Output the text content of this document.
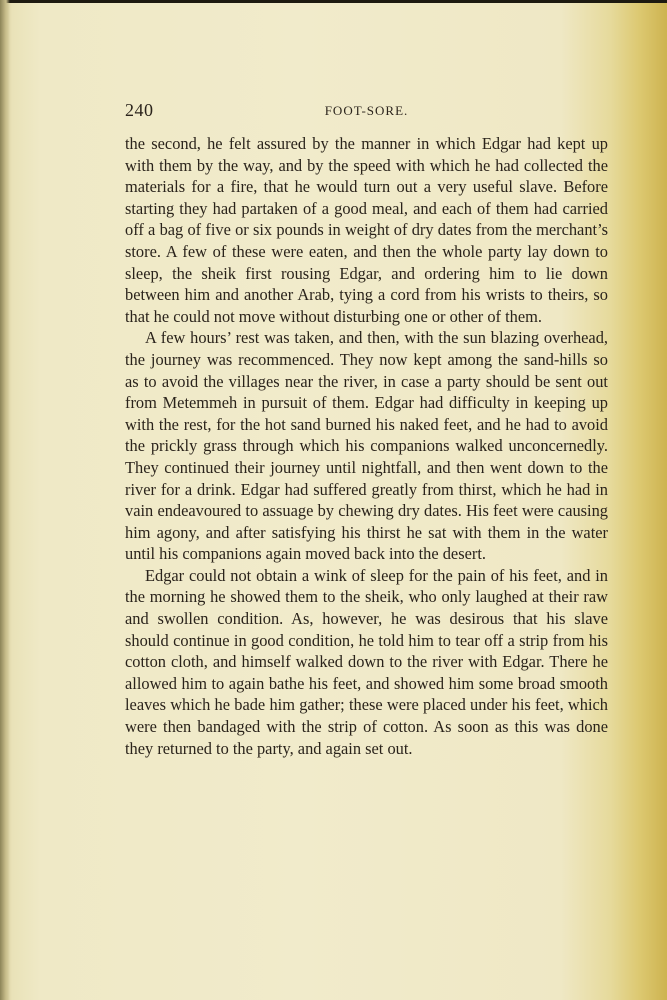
240	FOOT-SORE.

the second, he felt assured by the manner in which Edgar had kept up with them by the way, and by the speed with which he had collected the materials for a fire, that he would turn out a very useful slave. Before starting they had partaken of a good meal, and each of them had carried off a bag of five or six pounds in weight of dry dates from the merchant’s store. A few of these were eaten, and then the whole party lay down to sleep, the sheik first rousing Edgar, and ordering him to lie down between him and another Arab, tying a cord from his wrists to theirs, so that he could not move without disturbing one or other of them.

A few hours’ rest was taken, and then, with the sun blazing overhead, the journey was recommenced. They now kept among the sand-hills so as to avoid the villages near the river, in case a party should be sent out from Metemmeh in pursuit of them. Edgar had difficulty in keeping up with the rest, for the hot sand burned his naked feet, and he had to avoid the prickly grass through which his companions walked unconcernedly. They continued their journey until nightfall, and then went down to the river for a drink. Edgar had suffered greatly from thirst, which he had in vain endeavoured to assuage by chewing dry dates. His feet were causing him agony, and after satisfying his thirst he sat with them in the water until his companions again moved back into the desert.

Edgar could not obtain a wink of sleep for the pain of his feet, and in the morning he showed them to the sheik, who only laughed at their raw and swollen condition. As, however, he was desirous that his slave should continue in good condition, he told him to tear off a strip from his cotton cloth, and himself walked down to the river with Edgar. There he allowed him to again bathe his feet, and showed him some broad smooth leaves which he bade him gather; these were placed under his feet, which were then bandaged with the strip of cotton. As soon as this was done they returned to the party, and again set out.
